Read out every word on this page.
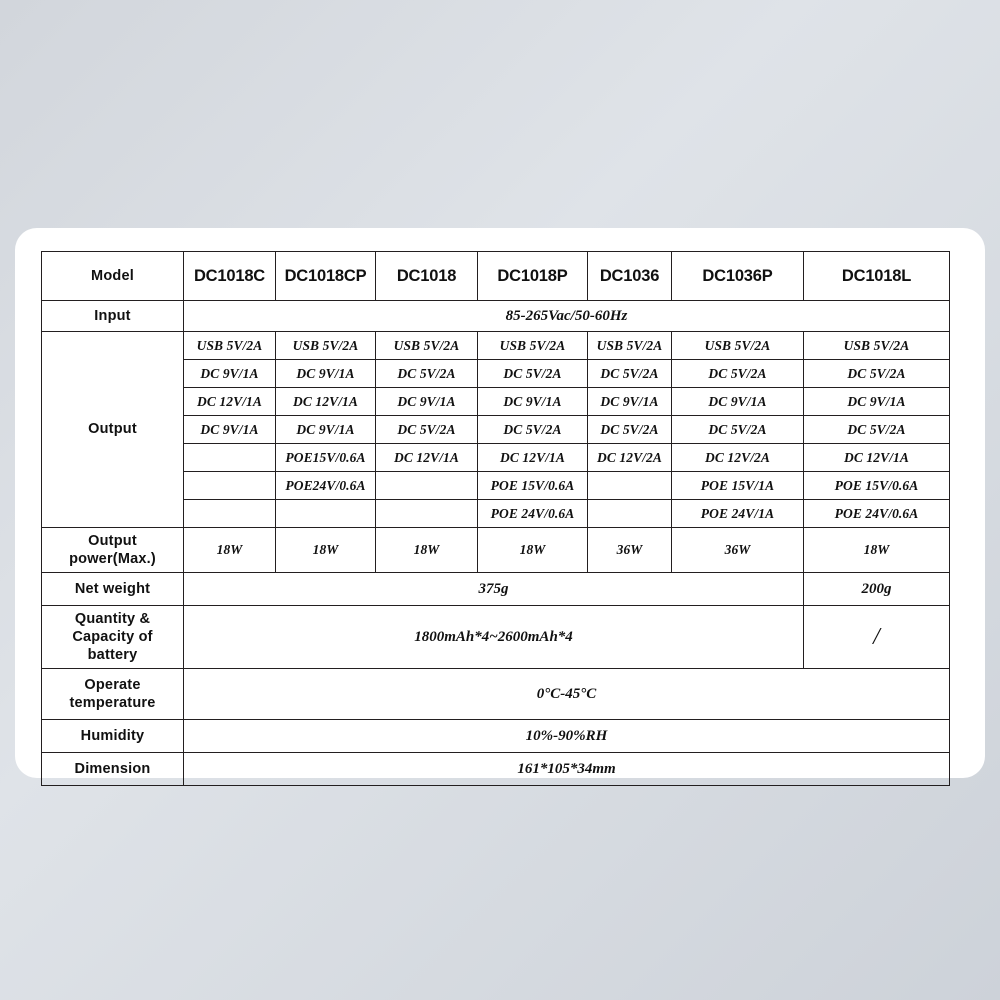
Model	DC1018C	DC1018CP	DC1018	DC1018P	DC1036	DC1036P	DC1018L
Input	85-265Vac/50-60Hz						
Output	USB 5V/2A	USB 5V/2A	USB 5V/2A	USB 5V/2A	USB 5V/2A	USB 5V/2A	USB 5V/2A
	DC 9V/1A	DC 9V/1A	DC 5V/2A	DC 5V/2A	DC 5V/2A	DC 5V/2A	DC 5V/2A
	DC 12V/1A	DC 12V/1A	DC 9V/1A	DC 9V/1A	DC 9V/1A	DC 9V/1A	DC 9V/1A
	DC 9V/1A	DC 9V/1A	DC 5V/2A	DC 5V/2A	DC 5V/2A	DC 5V/2A	DC 5V/2A
		POE15V/0.6A	DC 12V/1A	DC 12V/1A	DC 12V/2A	DC 12V/2A	DC 12V/1A
		POE24V/0.6A		POE 15V/0.6A		POE 15V/1A	POE 15V/0.6A
				POE 24V/0.6A		POE 24V/1A	POE 24V/0.6A

Output
power(Max.)	18W	18W	18W	18W	36W	36W	18W
Net weight	375g						200g

Quantity &
Capacity of
battery	1800mAh*4~2600mAh*4						/

Operate
temperature	0°C-45°C						
Humidity	10%-90%RH						
Dimension	161*105*34mm						
